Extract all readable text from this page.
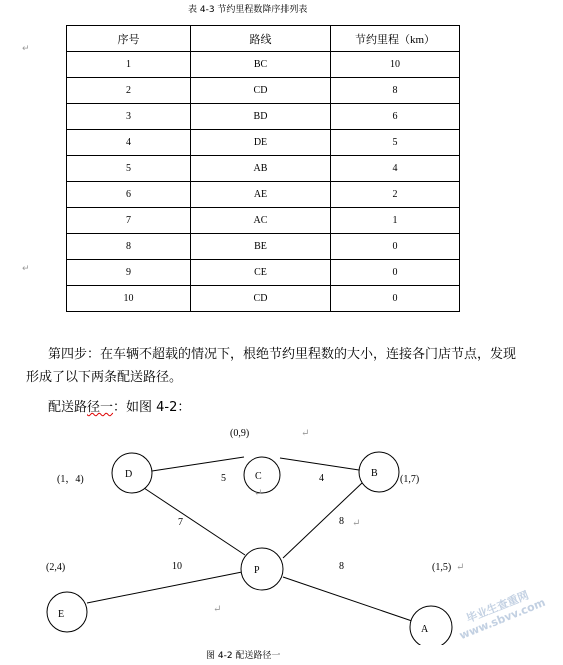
表 4-3 节约里程数降序排列表
↵
↵
序号	路线	节约里程（km）
1	BC	10
2	CD	8
3	BD	6
4	DE	5
5	AB	4
6	AE	2
7	AC	1
8	BE	0
9	CE	0
10	CD	0
第四步：在车辆不超载的情况下，根绝节约里程数的大小，连接各门店节点，发现
形成了以下两条配送路径。
配送路径一：如图 4-2：
D	C	B
P
E
A
(1，4)
(0,9)
(1,7)
(2,4)	(1,5)
5	4
7	8
10	8
↵
↵
↵
↵
↵
图 4-2 配送路径一
毕业生查重网 www.sbvv.com
